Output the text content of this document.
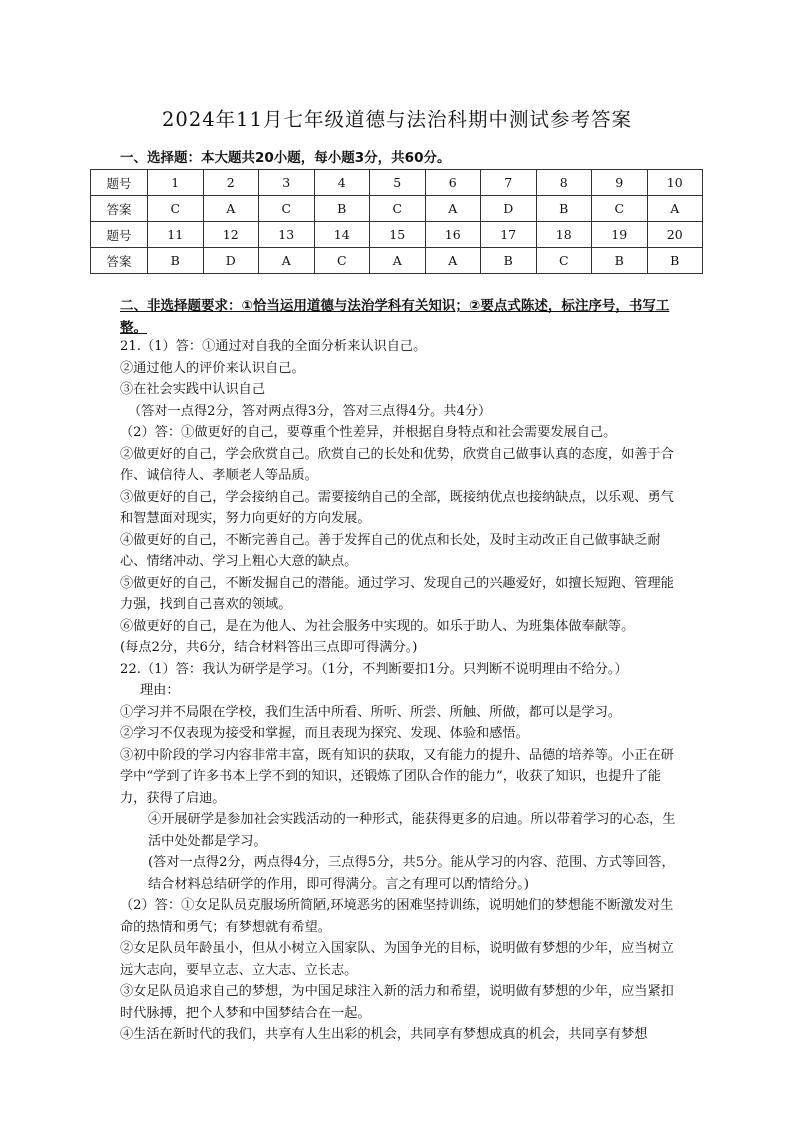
2024年11月七年级道德与法治科期中测试参考答案
一、选择题：本大题共20小题，每小题3分，共60分。
题号	1	2	3	4	5	6	7	8	9	10
答案	C	A	C	B	C	A	D	B	C	A
题号	11	12	13	14	15	16	17	18	19	20
答案	B	D	A	C	A	A	B	C	B	B
二、非选择题要求：①恰当运用道德与法治学科有关知识；②要点式陈述，标注序号，书写工整。

21.（1）答：①通过对自我的全面分析来认识自己。

②通过他人的评价来认识自己。

③在社会实践中认识自己

（答对一点得2分，答对两点得3分，答对三点得4分。共4分）

（2）答：①做更好的自己，要尊重个性差异，并根据自身特点和社会需要发展自己。

②做更好的自己，学会欣赏自己。欣赏自己的长处和优势，欣赏自己做事认真的态度，如善于合作、诚信待人、孝顺老人等品质。

③做更好的自己，学会接纳自己。需要接纳自己的全部，既接纳优点也接纳缺点，以乐观、勇气和智慧面对现实，努力向更好的方向发展。

④做更好的自己，不断完善自己。善于发挥自己的优点和长处，及时主动改正自己做事缺乏耐心、情绪冲动、学习上粗心大意的缺点。

⑤做更好的自己，不断发掘自己的潜能。通过学习、发现自己的兴趣爱好，如擅长短跑、管理能力强，找到自己喜欢的领域。

⑥做更好的自己，是在为他人、为社会服务中实现的。如乐于助人、为班集体做奉献等。

(每点2分，共6分，结合材料答出三点即可得满分。)

22.（1）答：我认为研学是学习。（1分，不判断要扣1分。只判断不说明理由不给分。）

理由：

①学习并不局限在学校，我们生活中所看、所听、所尝、所触、所做，都可以是学习。

②学习不仅表现为接受和掌握，而且表现为探究、发现、体验和感悟。

③初中阶段的学习内容非常丰富，既有知识的获取，又有能力的提升、品德的培养等。小正在研学中“学到了许多书本上学不到的知识，还锻炼了团队合作的能力”，收获了知识，也提升了能力，获得了启迪。

④开展研学是参加社会实践活动的一种形式，能获得更多的启迪。所以带着学习的心态，生活中处处都是学习。

(答对一点得2分，两点得4分，三点得5分，共5分。能从学习的内容、范围、方式等回答，结合材料总结研学的作用，即可得满分。言之有理可以酌情给分。)

（2）答：①女足队员克服场所简陋,环境恶劣的困难坚持训练，说明她们的梦想能不断激发对生命的热情和勇气；有梦想就有希望。

②女足队员年龄虽小，但从小树立入国家队、为国争光的目标，说明做有梦想的少年，应当树立远大志向，要早立志、立大志、立长志。

③女足队员追求自己的梦想，为中国足球注入新的活力和希望，说明做有梦想的少年，应当紧扣时代脉搏，把个人梦和中国梦结合在一起。

④生活在新时代的我们，共享有人生出彩的机会，共同享有梦想成真的机会，共同享有梦想
